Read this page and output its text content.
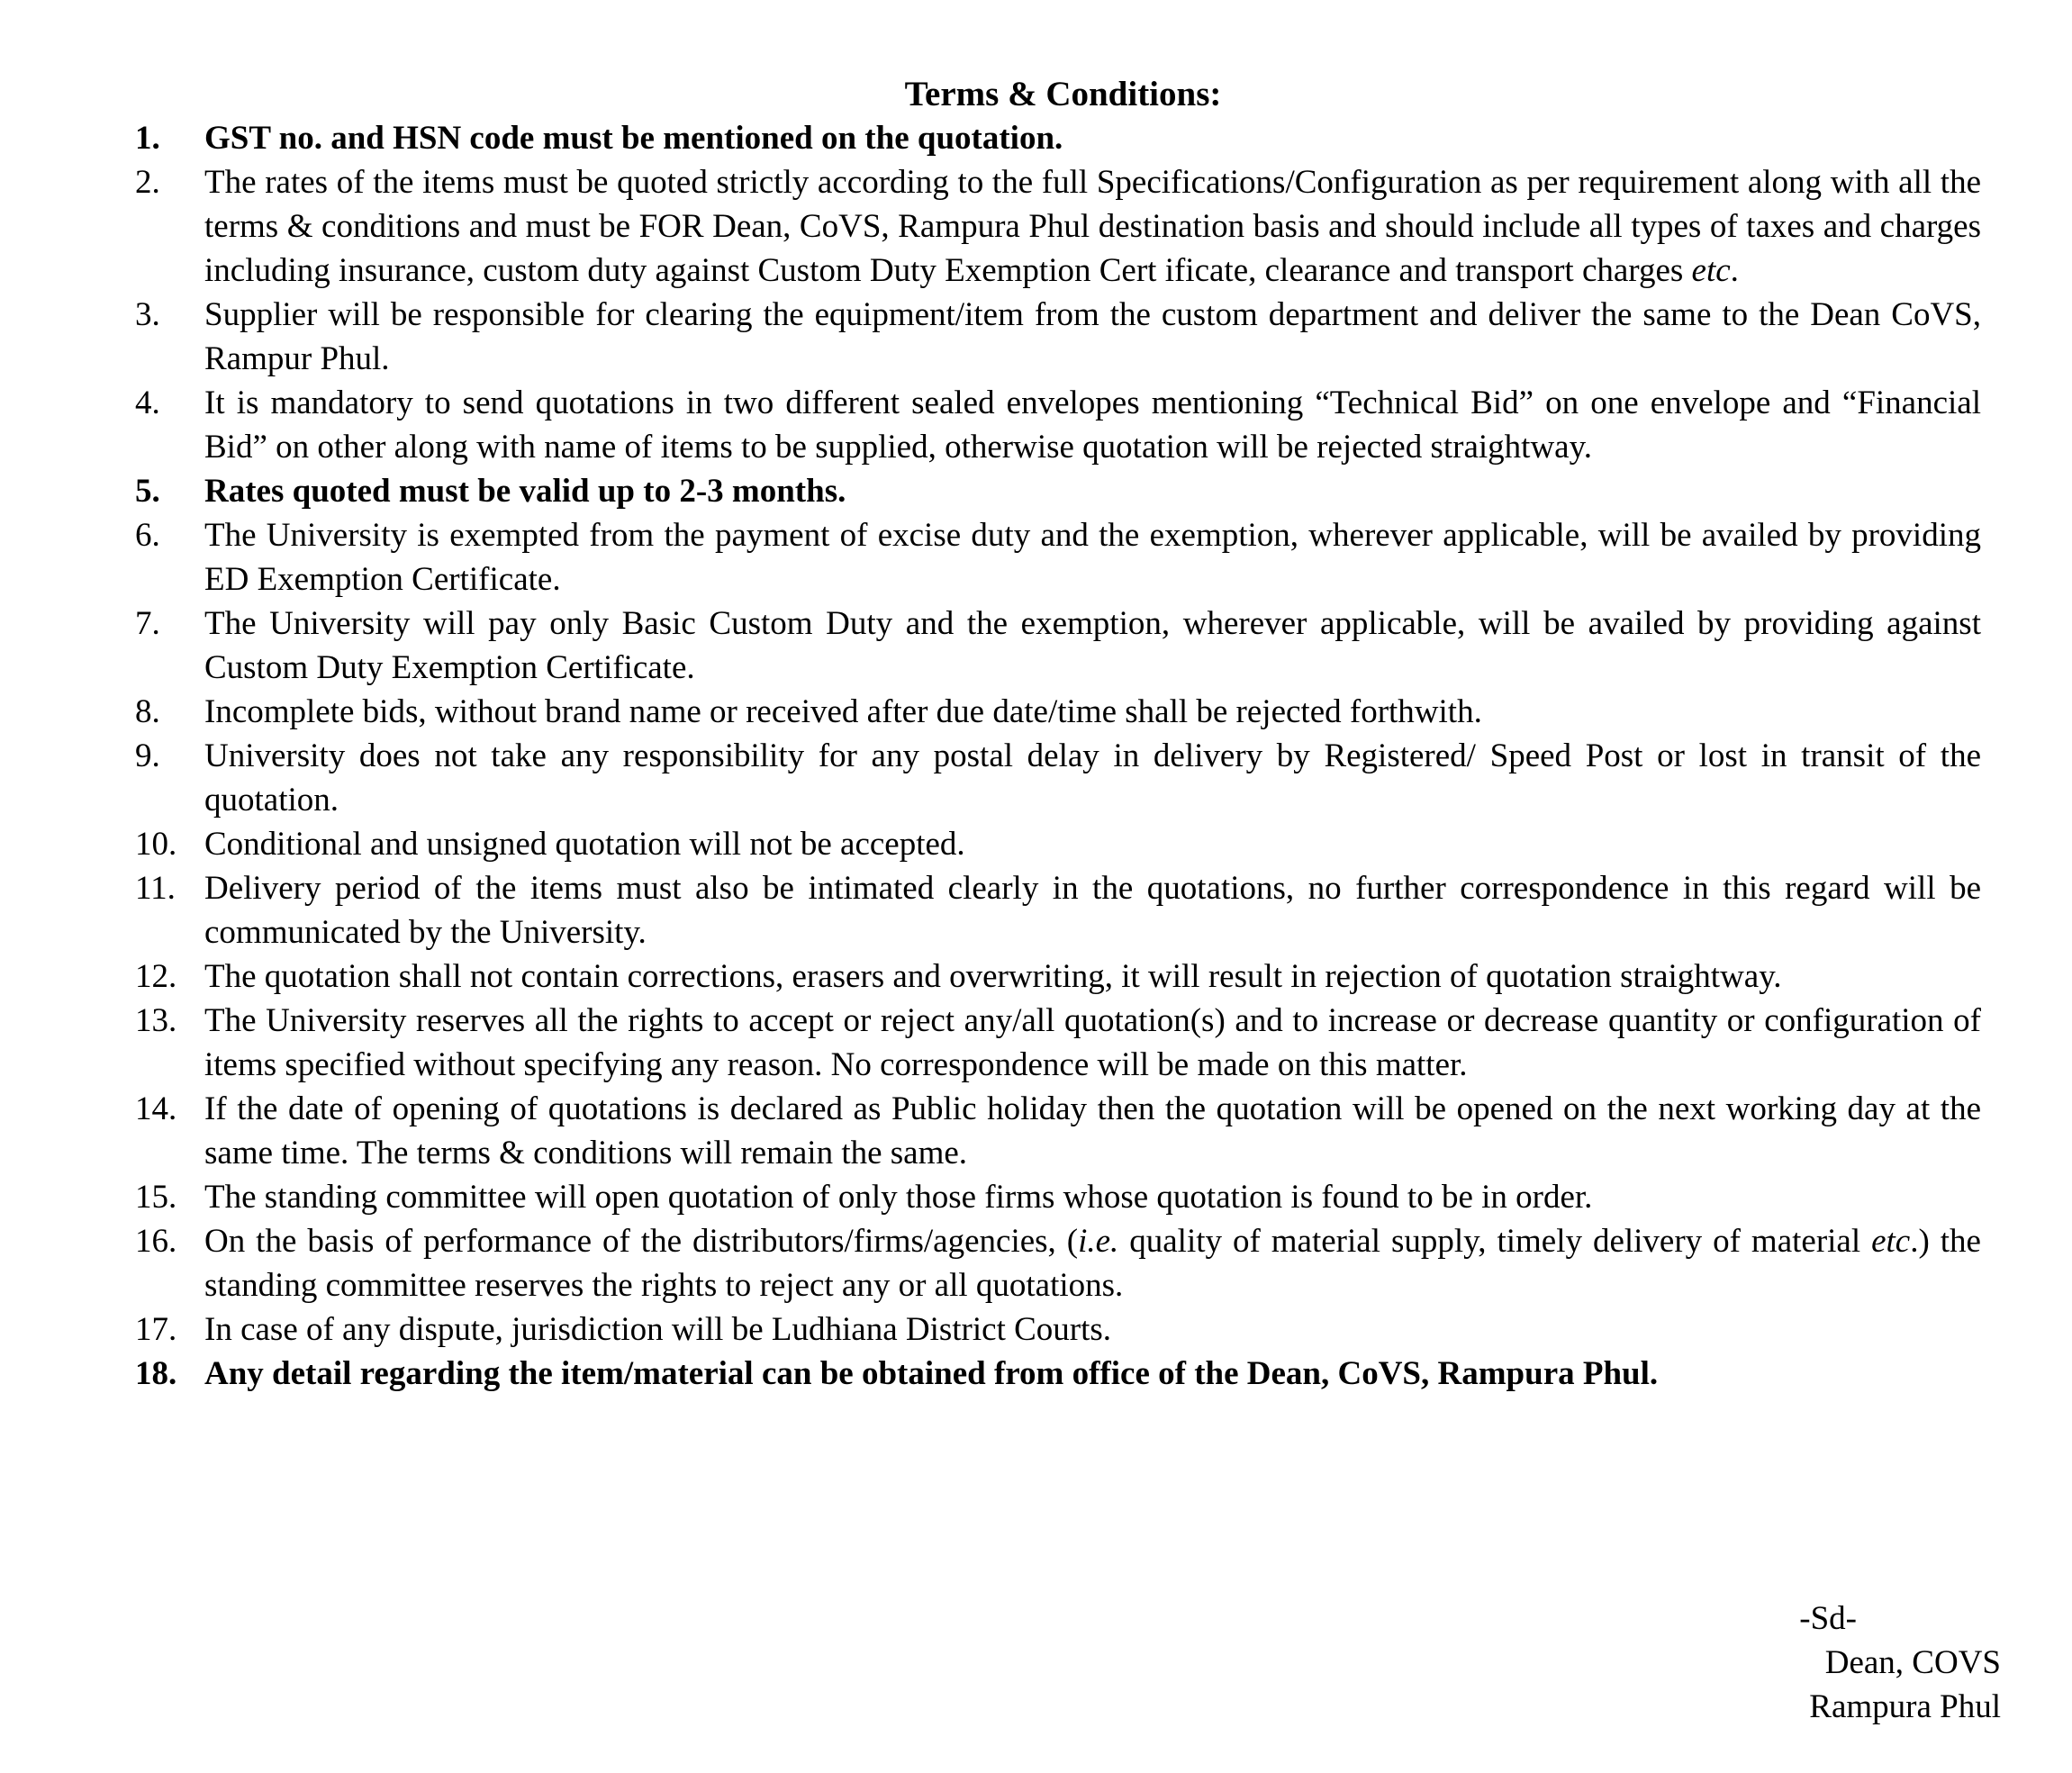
Terms & Conditions:
1.	GST no. and HSN code must be mentioned on the quotation.
2.	The rates of the items must be quoted strictly according to the full Specifications/Configuration as per requirement along with all the terms & conditions and must be FOR Dean, CoVS, Rampura Phul destination basis and should include all types of taxes and charges including insurance, custom duty against Custom Duty Exemption Cert ificate, clearance and transport charges etc.
3.	Supplier will be responsible for clearing the equipment/item from the custom department and deliver the same to the Dean CoVS, Rampur Phul.
4.	It is mandatory to send quotations in two different sealed envelopes mentioning “Technical Bid” on one envelope and “Financial Bid” on other along with name of items to be supplied, otherwise quotation will be rejected straightway.
5.	Rates quoted must be valid up to 2-3 months.
6.	The University is exempted from the payment of excise duty and the exemption, wherever applicable, will be availed by providing ED Exemption Certificate.
7.	The University will pay only Basic Custom Duty and the exemption, wherever applicable, will be availed by providing against Custom Duty Exemption Certificate.
8.	Incomplete bids, without brand name or received after due date/time shall be rejected forthwith.
9.	University does not take any responsibility for any postal delay in delivery by Registered/ Speed Post or lost in transit of the quotation.
10. Conditional and unsigned quotation will not be accepted.
11. Delivery period of the items must also be intimated clearly in the quotations, no further correspondence in this regard will be communicated by the University.
12. The quotation shall not contain corrections, erasers and overwriting, it will result in rejection of quotation straightway.
13. The University reserves all the rights to accept or reject any/all quotation(s) and to increase or decrease quantity or configuration of items specified without specifying any reason. No correspondence will be made on this matter.
14. If the date of opening of quotations is declared as Public holiday then the quotation will be opened on the next working day at the same time. The terms & conditions will remain the same.
15. The standing committee will open quotation of only those firms whose quotation is found to be in order.
16. On the basis of performance of the distributors/firms/agencies, (i.e. quality of material supply, timely delivery of material etc.) the standing committee reserves the rights to reject any or all quotations.
17. In case of any dispute, jurisdiction will be Ludhiana District Courts.
18. Any detail regarding the item/material can be obtained from office of the Dean, CoVS, Rampura Phul.
-Sd-
Dean, COVS
Rampura Phul
